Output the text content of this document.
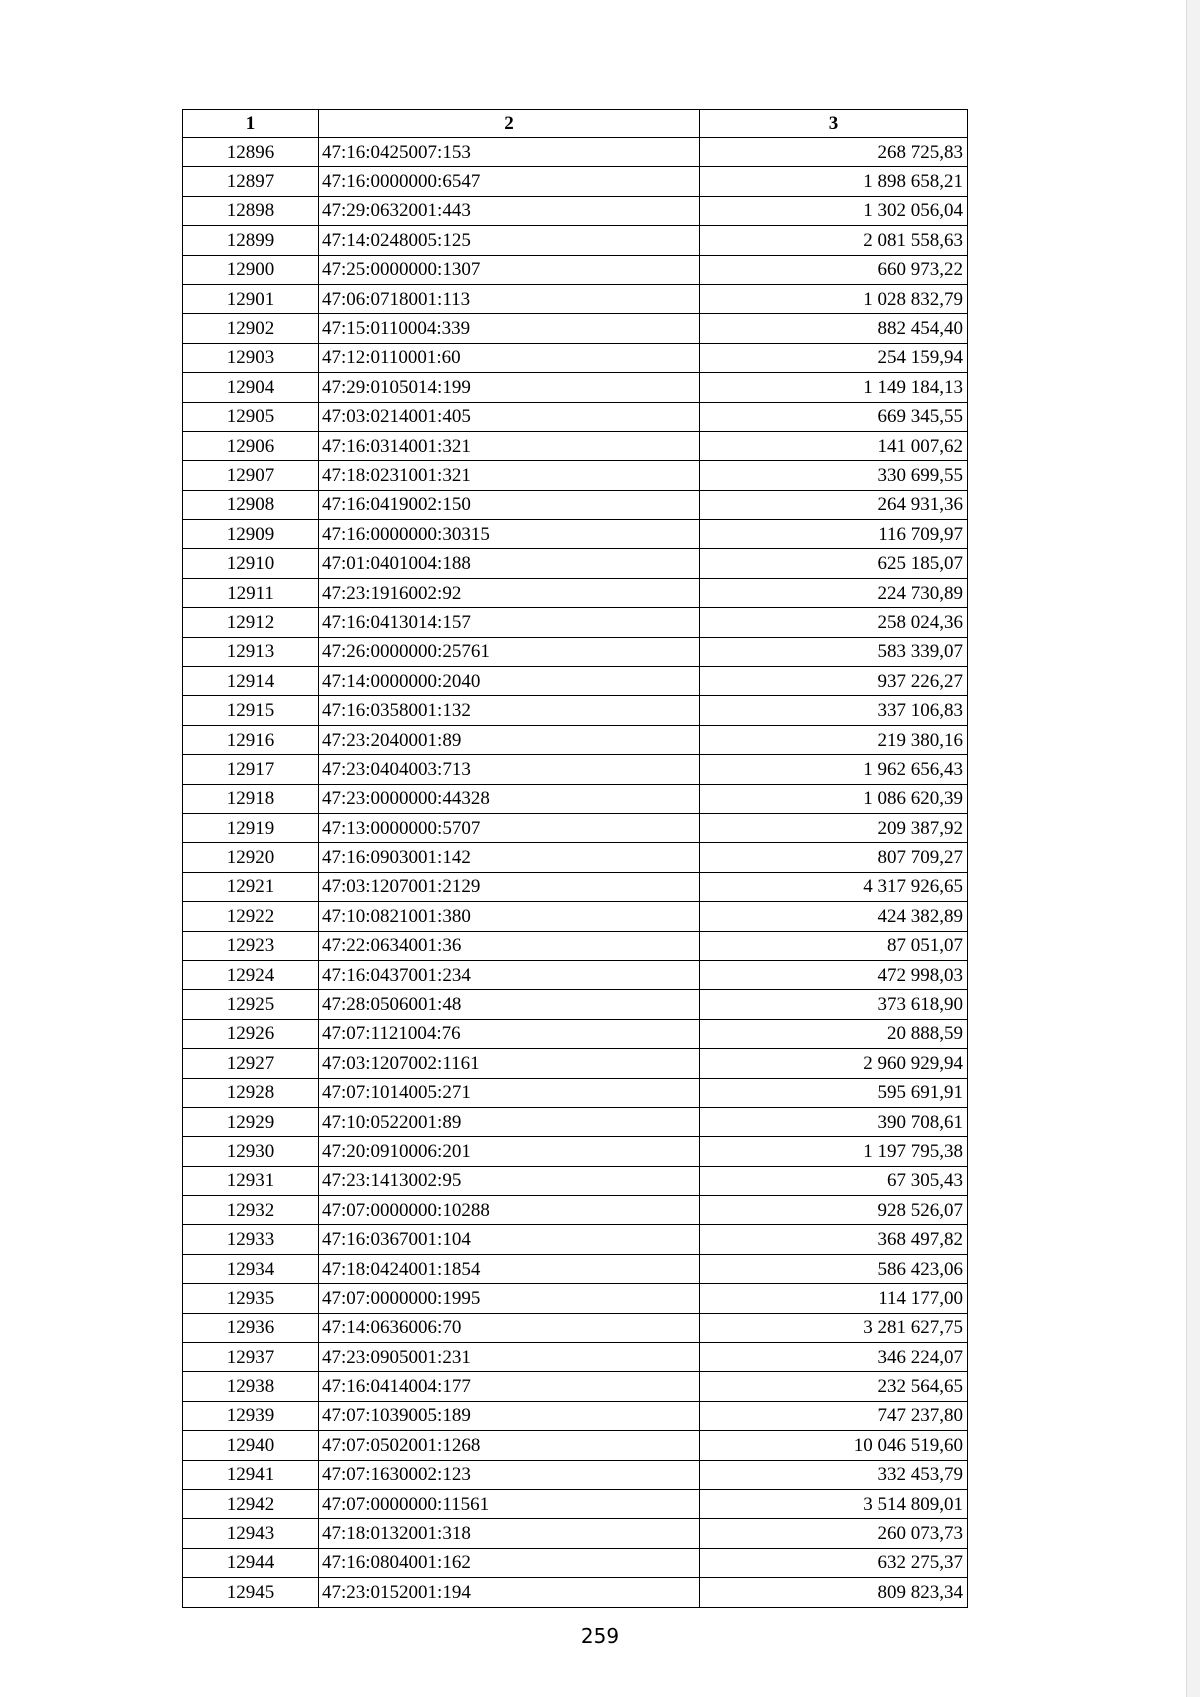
1	2	3
12896	47:16:0425007:153	268 725,83
12897	47:16:0000000:6547	1 898 658,21
12898	47:29:0632001:443	1 302 056,04
12899	47:14:0248005:125	2 081 558,63
12900	47:25:0000000:1307	660 973,22
12901	47:06:0718001:113	1 028 832,79
12902	47:15:0110004:339	882 454,40
12903	47:12:0110001:60	254 159,94
12904	47:29:0105014:199	1 149 184,13
12905	47:03:0214001:405	669 345,55
12906	47:16:0314001:321	141 007,62
12907	47:18:0231001:321	330 699,55
12908	47:16:0419002:150	264 931,36
12909	47:16:0000000:30315	116 709,97
12910	47:01:0401004:188	625 185,07
12911	47:23:1916002:92	224 730,89
12912	47:16:0413014:157	258 024,36
12913	47:26:0000000:25761	583 339,07
12914	47:14:0000000:2040	937 226,27
12915	47:16:0358001:132	337 106,83
12916	47:23:2040001:89	219 380,16
12917	47:23:0404003:713	1 962 656,43
12918	47:23:0000000:44328	1 086 620,39
12919	47:13:0000000:5707	209 387,92
12920	47:16:0903001:142	807 709,27
12921	47:03:1207001:2129	4 317 926,65
12922	47:10:0821001:380	424 382,89
12923	47:22:0634001:36	87 051,07
12924	47:16:0437001:234	472 998,03
12925	47:28:0506001:48	373 618,90
12926	47:07:1121004:76	20 888,59
12927	47:03:1207002:1161	2 960 929,94
12928	47:07:1014005:271	595 691,91
12929	47:10:0522001:89	390 708,61
12930	47:20:0910006:201	1 197 795,38
12931	47:23:1413002:95	67 305,43
12932	47:07:0000000:10288	928 526,07
12933	47:16:0367001:104	368 497,82
12934	47:18:0424001:1854	586 423,06
12935	47:07:0000000:1995	114 177,00
12936	47:14:0636006:70	3 281 627,75
12937	47:23:0905001:231	346 224,07
12938	47:16:0414004:177	232 564,65
12939	47:07:1039005:189	747 237,80
12940	47:07:0502001:1268	10 046 519,60
12941	47:07:1630002:123	332 453,79
12942	47:07:0000000:11561	3 514 809,01
12943	47:18:0132001:318	260 073,73
12944	47:16:0804001:162	632 275,37
12945	47:23:0152001:194	809 823,34
259
